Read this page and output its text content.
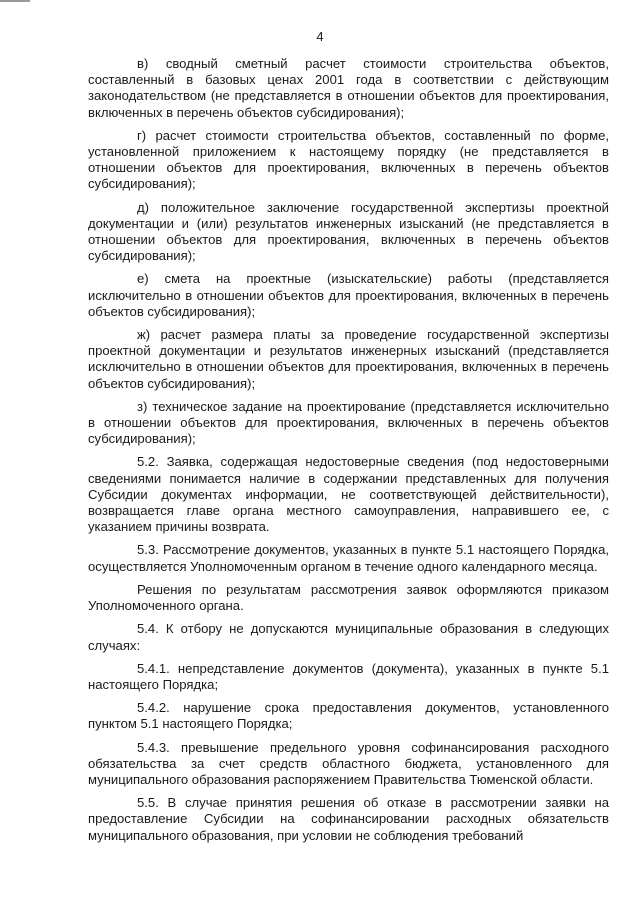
4

в) сводный сметный расчет стоимости строительства объектов, составленный в базовых ценах 2001 года в соответствии с действующим законодательством (не представляется в отношении объектов для проектирования, включенных в перечень объектов субсидирования);

г) расчет стоимости строительства объектов, составленный по форме, установленной приложением к настоящему порядку (не представляется в отношении объектов для проектирования, включенных в перечень объектов субсидирования);

д) положительное заключение государственной экспертизы проектной документации и (или) результатов инженерных изысканий (не представляется в отношении объектов для проектирования, включенных в перечень объектов субсидирования);

е) смета на проектные (изыскательские) работы (представляется исключительно в отношении объектов для проектирования, включенных в перечень объектов субсидирования);

ж) расчет размера платы за проведение государственной экспертизы проектной документации и результатов инженерных изысканий (представляется исключительно в отношении объектов для проектирования, включенных в перечень объектов субсидирования);

з) техническое задание на проектирование (представляется исключительно в отношении объектов для проектирования, включенных в перечень объектов субсидирования);

5.2. Заявка, содержащая недостоверные сведения (под недостоверными сведениями понимается наличие в содержании представленных для получения Субсидии документах информации, не соответствующей действительности), возвращается главе органа местного самоуправления, направившего ее, с указанием причины возврата.

5.3. Рассмотрение документов, указанных в пункте 5.1 настоящего Порядка, осуществляется Уполномоченным органом в течение одного календарного месяца.

Решения по результатам рассмотрения заявок оформляются приказом Уполномоченного органа.

5.4. К отбору не допускаются муниципальные образования в следующих случаях:

5.4.1. непредставление документов (документа), указанных в пункте 5.1 настоящего Порядка;

5.4.2. нарушение срока предоставления документов, установленного пунктом 5.1 настоящего Порядка;

5.4.3. превышение предельного уровня софинансирования расходного обязательства за счет средств областного бюджета, установленного для муниципального образования распоряжением Правительства Тюменской области.

5.5. В случае принятия решения об отказе в рассмотрении заявки на предоставление Субсидии на софинансировании расходных обязательств муниципального образования, при условии не соблюдения требований
